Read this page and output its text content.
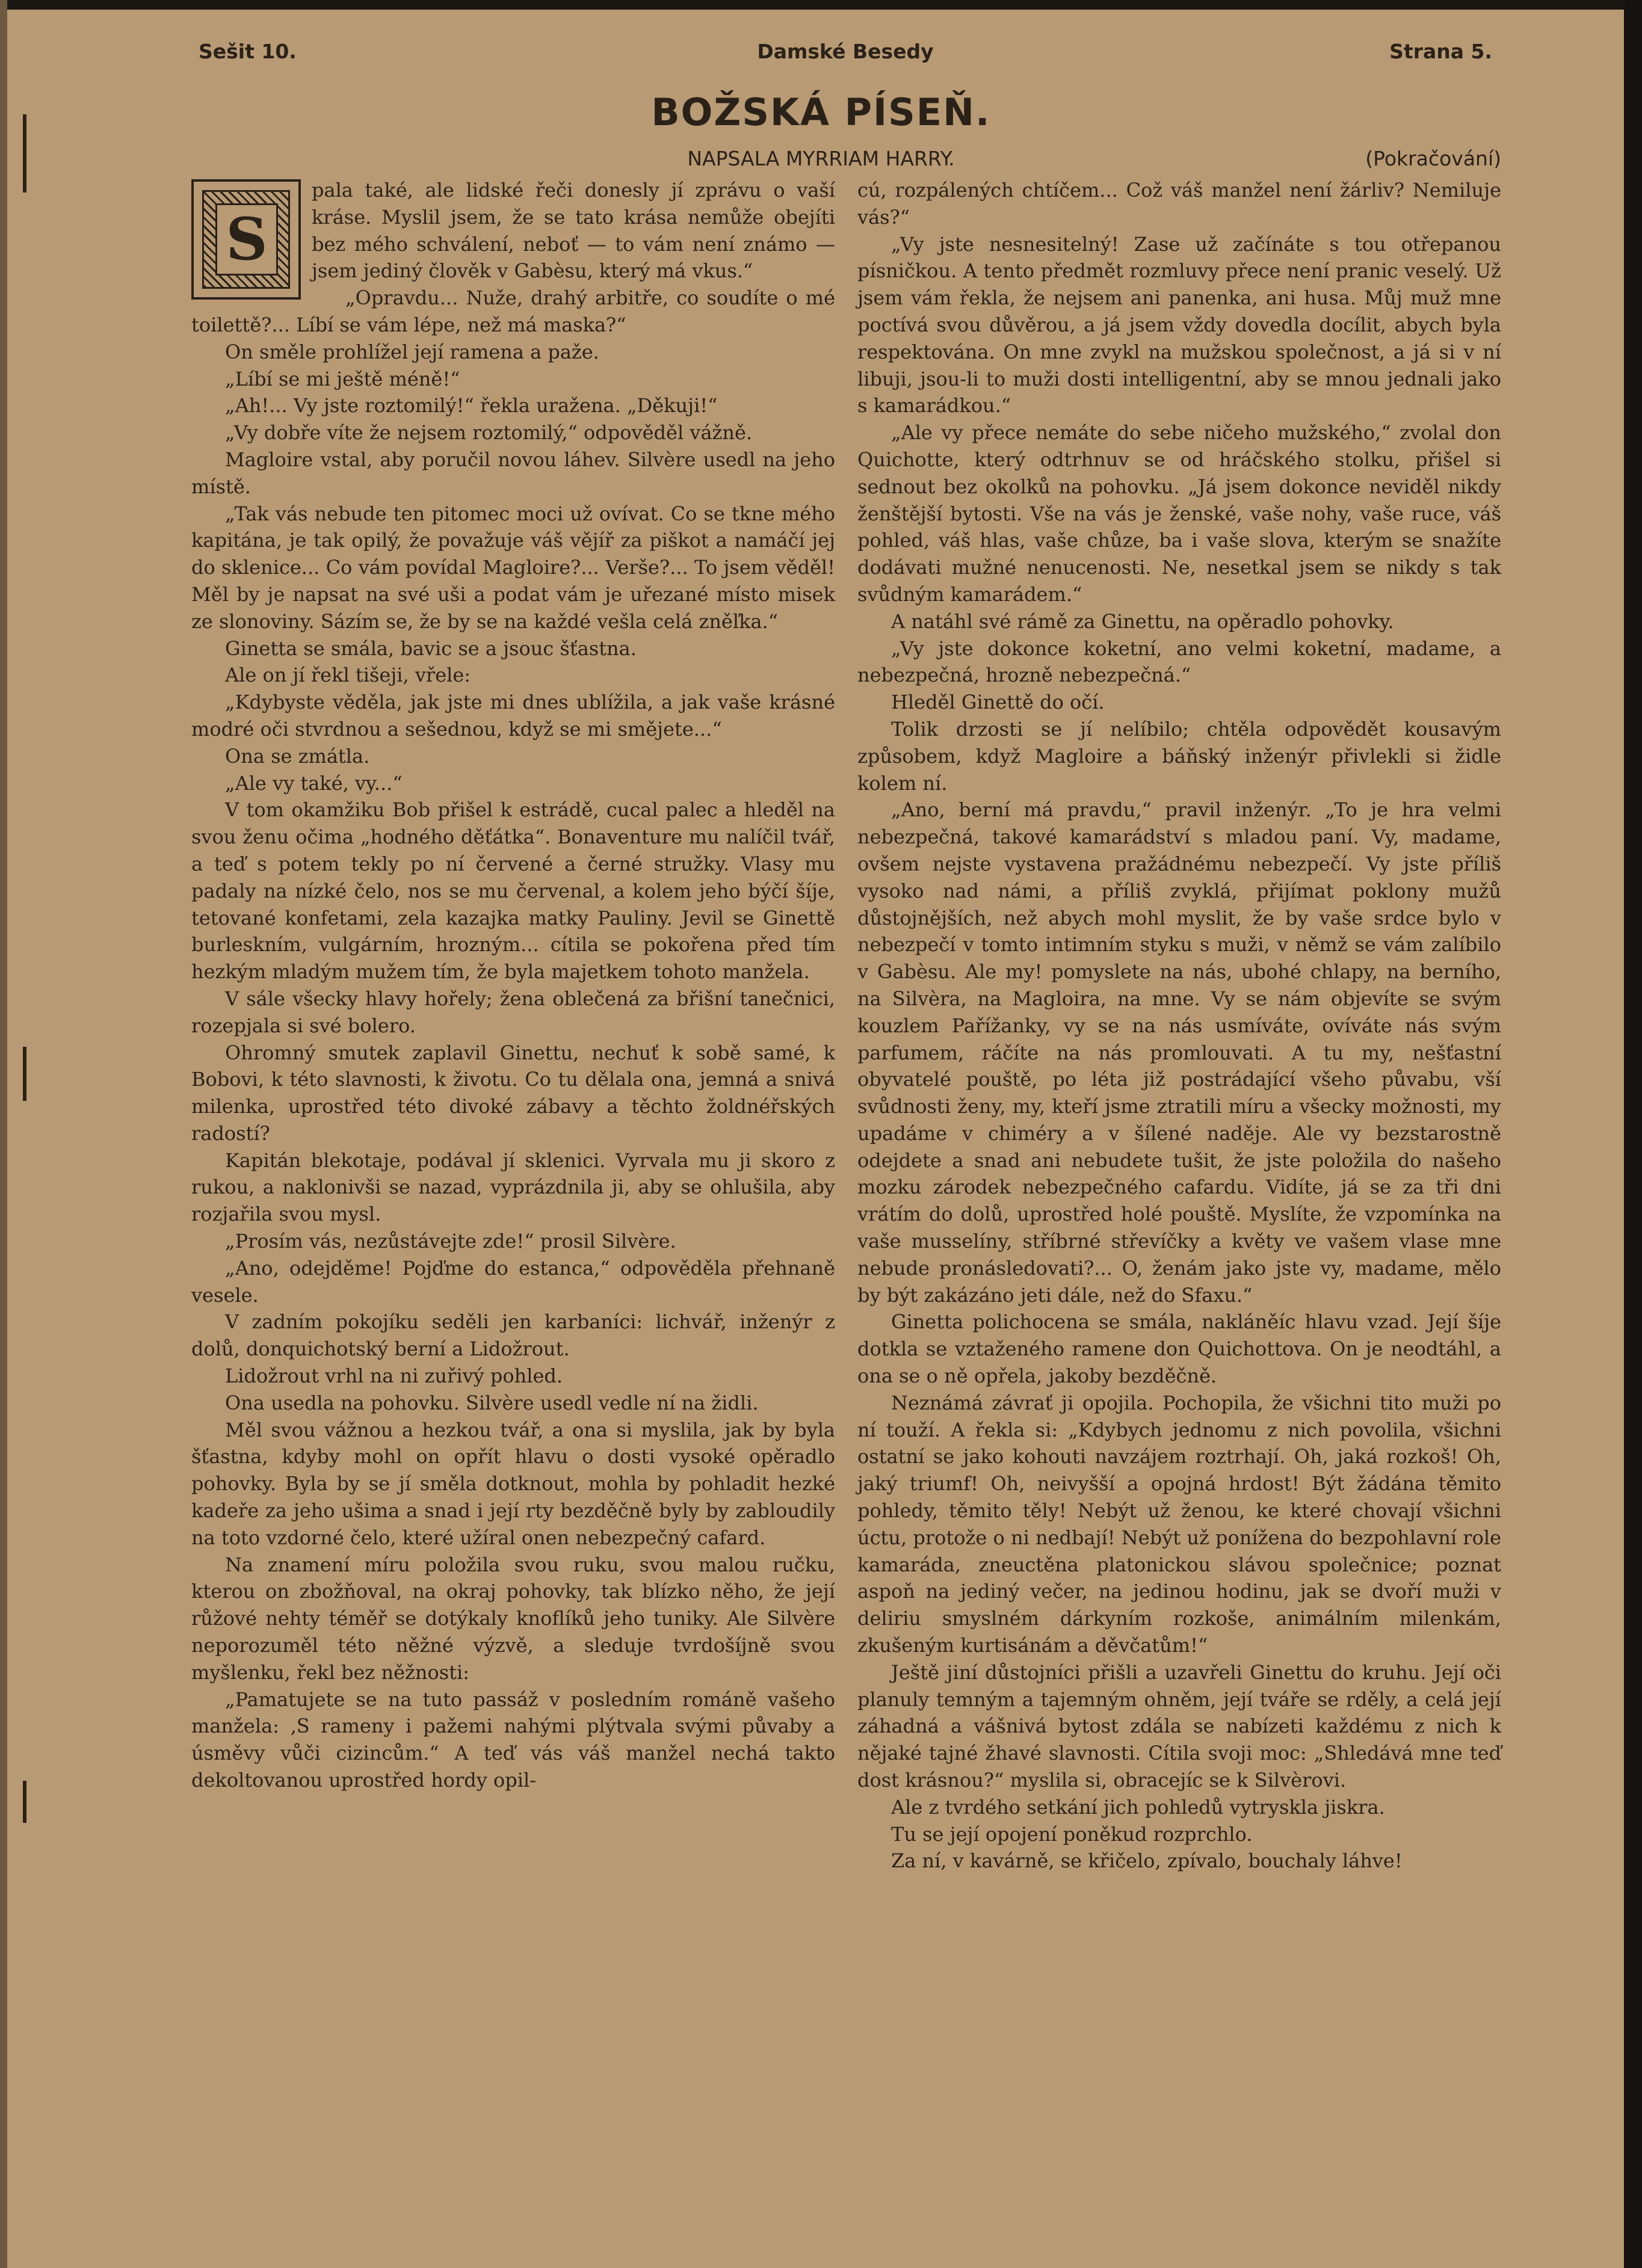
Sešit 10.	Damské Besedy	Strana 5.
BOŽSKÁ PÍSEŇ.
NAPSALA MYRRIAM HARRY.	(Pokračování)
S

pala také, ale lidské řeči donesly jí zprávu o vaší kráse. Myslil jsem, že se tato krása nemůže obejíti bez mého schválení, neboť — to vám není známo — jsem jediný člověk v Gabèsu, který má vkus.“

„Opravdu... Nuže, drahý arbitře, co soudíte o mé toilettě?... Líbí se vám lépe, než má maska?“

On směle prohlížel její ramena a paže.

„Líbí se mi ještě méně!“

„Ah!... Vy jste roztomilý!“ řekla uražena. „Děkuji!“

„Vy dobře víte že nejsem roztomilý,“ odpověděl vážně.

Magloire vstal, aby poručil novou láhev. Silvère usedl na jeho místě.

„Tak vás nebude ten pitomec moci už ovívat. Co se tkne mého kapitána, je tak opilý, že považuje váš vějíř za piškot a namáčí jej do sklenice... Co vám povídal Magloire?... Verše?... To jsem věděl! Měl by je napsat na své uši a podat vám je uřezané místo misek ze slonoviny. Sázím se, že by se na každé vešla celá zněľka.“

Ginetta se smála, bavic se a jsouc šťastna.

Ale on jí řekl tišeji, vřele:

„Kdybyste věděla, jak jste mi dnes ublížila, a jak vaše krásné modré oči stvrdnou a sešednou, když se mi smějete...“

Ona se zmátla.

„Ale vy také, vy...“

V tom okamžiku Bob přišel k estrádě, cucal palec a hleděl na svou ženu očima „hodného děťátka“. Bonaventure mu nalíčil tvář, a teď s potem tekly po ní červené a černé stružky. Vlasy mu padaly na nízké čelo, nos se mu červenal, a kolem jeho býčí šíje, tetované konfetami, zela kazajka matky Pauliny. Jevil se Ginettě burleskním, vulgárním, hrozným... cítila se pokořena před tím hezkým mladým mužem tím, že byla majetkem tohoto manžela.

V sále všecky hlavy hořely; žena oblečená za břišní tanečnici, rozepjala si své bolero.

Ohromný smutek zaplavil Ginettu, nechuť k sobě samé, k Bobovi, k této slavnosti, k životu. Co tu dělala ona, jemná a snivá milenka, uprostřed této divoké zábavy a těchto žoldnéřských radostí?

Kapitán blekotaje, podával jí sklenici. Vyrvala mu ji skoro z rukou, a naklonivši se nazad, vyprázdnila ji, aby se ohlušila, aby rozjařila svou mysl.

„Prosím vás, nezůstávejte zde!“ prosil Silvère.

„Ano, odejděme! Pojďme do estanca,“ odpověděla přehnaně vesele.

V zadním pokojíku seděli jen karbaníci: lichvář, inženýr z dolů, donquichotský berní a Lidožrout.

Lidožrout vrhl na ni zuřivý pohled.

Ona usedla na pohovku. Silvère usedl vedle ní na židli.

Měl svou vážnou a hezkou tvář, a ona si myslila, jak by byla šťastna, kdyby mohl on opřít hlavu o dosti vysoké opěradlo pohovky. Byla by se jí směla dotknout, mohla by pohladit hezké kadeře za jeho ušima a snad i její rty bezděčně byly by zabloudily na toto vzdorné čelo, které užíral onen nebezpečný cafard.

Na znamení míru položila svou ruku, svou malou ručku, kterou on zbožňoval, na okraj pohovky, tak blízko něho, že její růžové nehty téměř se dotýkaly knoflíků jeho tuniky. Ale Silvère neporozuměl této něžné výzvě, a sleduje tvrdošíjně svou myšlenku, řekl bez něžnosti:

„Pamatujete se na tuto passáž v posledním románě vašeho manžela: ‚S rameny i pažemi nahými plýtvala svými půvaby a úsměvy vůči cizincům.“ A teď vás váš manžel nechá takto dekoltovanou uprostřed hordy opil-

cú, rozpálených chtíčem... Což váš manžel není žárliv? Nemiluje vás?“

„Vy jste nesnesitelný! Zase už začínáte s tou otřepanou písničkou. A tento předmět rozmluvy přece není pranic veselý. Už jsem vám řekla, že nejsem ani panenka, ani husa. Můj muž mne poctívá svou důvěrou, a já jsem vždy dovedla docílit, abych byla respektována. On mne zvykl na mužskou společnost, a já si v ní libuji, jsou-li to muži dosti intelligentní, aby se mnou jednali jako s kamarádkou.“

„Ale vy přece nemáte do sebe ničeho mužského,“ zvolal don Quichotte, který odtrhnuv se od hráčského stolku, přišel si sednout bez okolků na pohovku. „Já jsem dokonce neviděl nikdy ženštější bytosti. Vše na vás je ženské, vaše nohy, vaše ruce, váš pohled, váš hlas, vaše chůze, ba i vaše slova, kterým se snažíte dodávati mužné nenucenosti. Ne, nesetkal jsem se nikdy s tak svůdným kamarádem.“

A natáhl své rámě za Ginettu, na opěradlo pohovky.

„Vy jste dokonce koketní, ano velmi koketní, madame, a nebezpečná, hrozně nebezpečná.“

Hleděl Ginettě do očí.

Tolik drzosti se jí nelíbilo; chtěla odpovědět kousavým způsobem, když Magloire a báňský inženýr přivlekli si židle kolem ní.

„Ano, berní má pravdu,“ pravil inženýr. „To je hra velmi nebezpečná, takové kamarádství s mladou paní. Vy, madame, ovšem nejste vystavena pražádnému nebezpečí. Vy jste příliš vysoko nad námi, a příliš zvyklá, přijímat poklony mužů důstojnějších, než abych mohl myslit, že by vaše srdce bylo v nebezpečí v tomto intimním styku s muži, v němž se vám zalíbilo v Gabèsu. Ale my! pomyslete na nás, ubohé chlapy, na berního, na Silvèra, na Magloira, na mne. Vy se nám objevíte se svým kouzlem Pařížanky, vy se na nás usmíváte, ovíváte nás svým parfumem, ráčíte na nás promlouvati. A tu my, nešťastní obyvatelé pouště, po léta již postrádající všeho půvabu, vší svůdnosti ženy, my, kteří jsme ztratili míru a všecky možnosti, my upadáme v chiméry a v šílené naděje. Ale vy bezstarostně odejdete a snad ani nebudete tušit, že jste položila do našeho mozku zárodek nebezpečného cafardu. Vidíte, já se za tři dni vrátím do dolů, uprostřed holé pouště. Myslíte, že vzpomínka na vaše musselíny, stříbrné střevíčky a květy ve vašem vlase mne nebude pronásledovati?... O, ženám jako jste vy, madame, mělo by být zakázáno jeti dále, než do Sfaxu.“

Ginetta polichocena se smála, nakláněíc hlavu vzad. Její šíje dotkla se vztaženého ramene don Quichottova. On je neodtáhl, a ona se o ně opřela, jakoby bezděčně.

Neznámá závrať ji opojila. Pochopila, že všichni tito muži po ní touží. A řekla si: „Kdybych jednomu z nich povolila, všichni ostatní se jako kohouti navzájem roztrhají. Oh, jaká rozkoš! Oh, jaký triumf! Oh, neivyšší a opojná hrdost! Být žádána těmito pohledy, těmito těly! Nebýt už ženou, ke které chovají všichni úctu, protože o ni nedbají! Nebýt už ponížena do bezpohlavní role kamaráda, zneuctěna platonickou slávou společnice; poznat aspoň na jediný večer, na jedinou hodinu, jak se dvoří muži v deliriu smyslném dárkyním rozkoše, animálním milenkám, zkušeným kurtisánám a děvčatům!“

Ještě jiní důstojníci přišli a uzavřeli Ginettu do kruhu. Její oči planuly temným a tajemným ohněm, její tváře se rděly, a celá její záhadná a vášnivá bytost zdála se nabízeti každému z nich k nějaké tajné žhavé slavnosti. Cítila svoji moc: „Shledává mne teď dost krásnou?“ myslila si, obracejíc se k Silvèrovi.

Ale z tvrdého setkání jich pohledů vytryskla jiskra.

Tu se její opojení poněkud rozprchlo.

Za ní, v kavárně, se křičelo, zpívalo, bouchaly láhve!
